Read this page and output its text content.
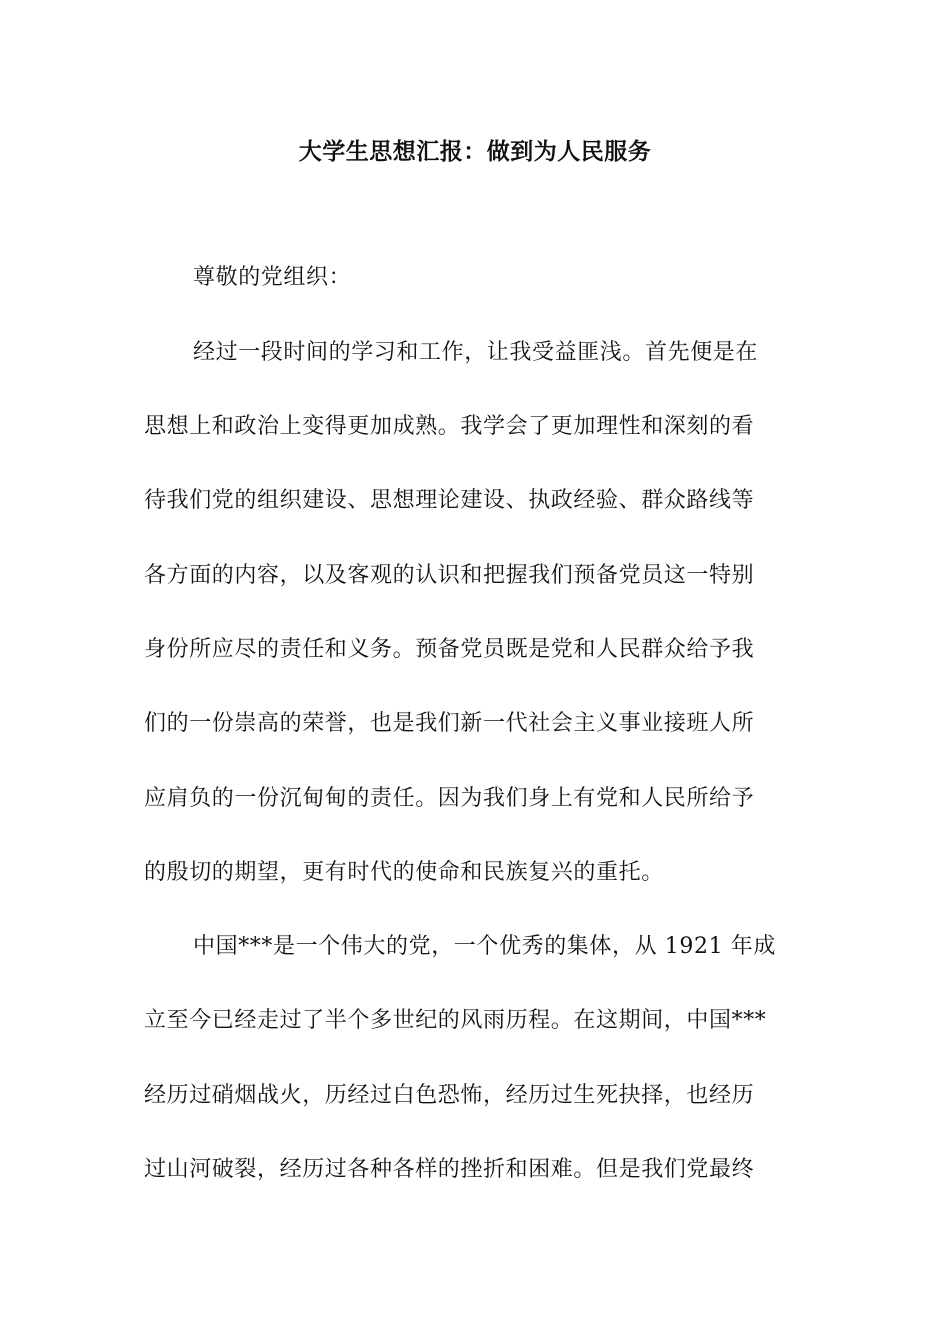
大学生思想汇报：做到为人民服务
尊敬的党组织：
经过一段时间的学习和工作，让我受益匪浅。首先便是在
思想上和政治上变得更加成熟。我学会了更加理性和深刻的看
待我们党的组织建设、思想理论建设、执政经验、群众路线等
各方面的内容，以及客观的认识和把握我们预备党员这一特别
身份所应尽的责任和义务。预备党员既是党和人民群众给予我
们的一份崇高的荣誉，也是我们新一代社会主义事业接班人所
应肩负的一份沉甸甸的责任。因为我们身上有党和人民所给予
的殷切的期望，更有时代的使命和民族复兴的重托。
中国***是一个伟大的党，一个优秀的集体，从 1921 年成
立至今已经走过了半个多世纪的风雨历程。在这期间，中国***
经历过硝烟战火，历经过白色恐怖，经历过生死抉择，也经历
过山河破裂，经历过各种各样的挫折和困难。但是我们党最终
